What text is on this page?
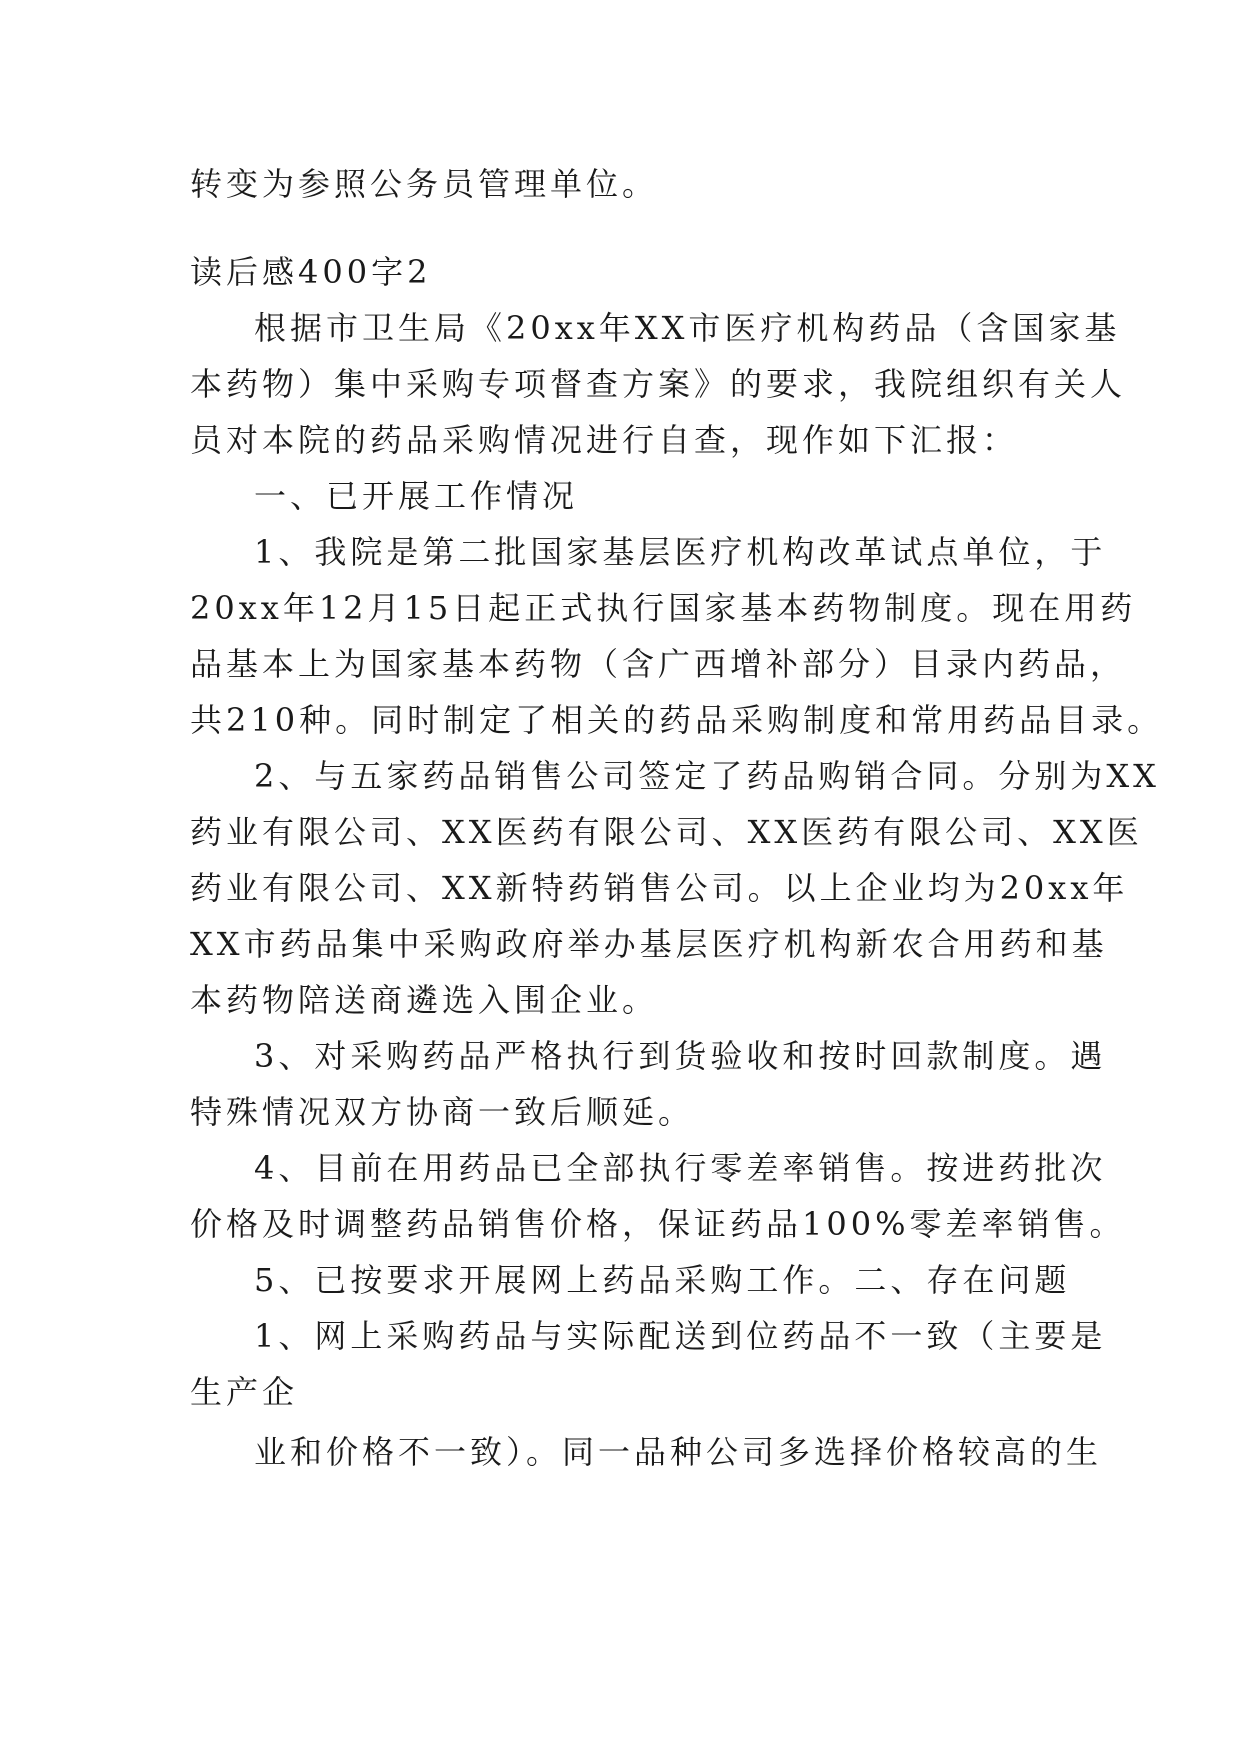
转变为参照公务员管理单位。
读后感400字2
根据市卫生局《20xx年XX市医疗机构药品（含国家基
本药物）集中采购专项督查方案》的要求，我院组织有关人
员对本院的药品采购情况进行自查，现作如下汇报：
一、已开展工作情况
1、我院是第二批国家基层医疗机构改革试点单位，于
20xx年12月15日起正式执行国家基本药物制度。现在用药
品基本上为国家基本药物（含广西增补部分）目录内药品，
共210种。同时制定了相关的药品采购制度和常用药品目录。
2、与五家药品销售公司签定了药品购销合同。分别为XX
药业有限公司、XX医药有限公司、XX医药有限公司、XX医
药业有限公司、XX新特药销售公司。以上企业均为20xx年
XX市药品集中采购政府举办基层医疗机构新农合用药和基
本药物陪送商遴选入围企业。
3、对采购药品严格执行到货验收和按时回款制度。遇
特殊情况双方协商一致后顺延。
4、目前在用药品已全部执行零差率销售。按进药批次
价格及时调整药品销售价格，保证药品100%零差率销售。
5、已按要求开展网上药品采购工作。二、存在问题
1、网上采购药品与实际配送到位药品不一致（主要是
生产企
业和价格不一致）。同一品种公司多选择价格较高的生
